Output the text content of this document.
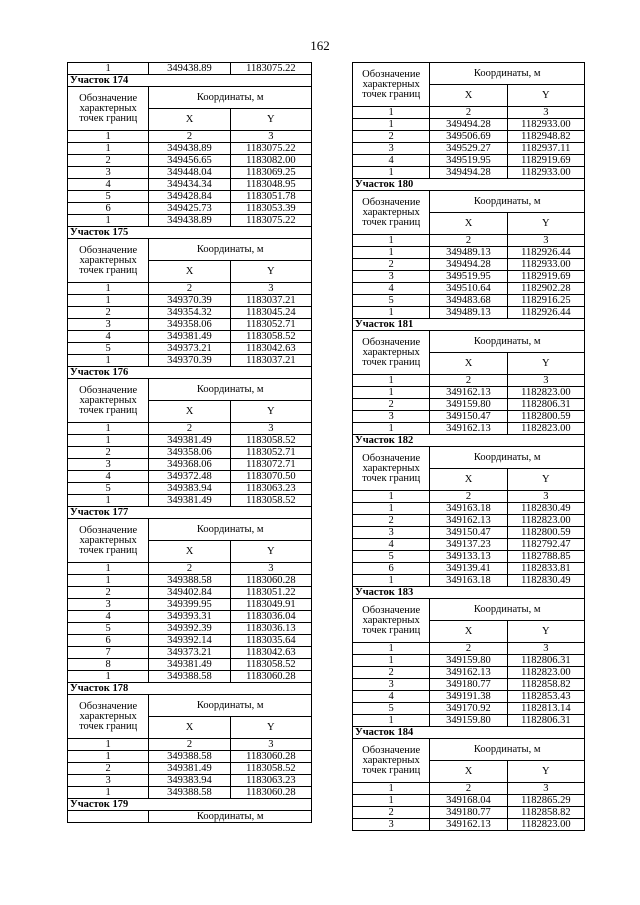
162
1	349438.89	1183075.22
Участок 174		
Обозначение характерных точек границ	Координаты, м	
	X	Y
1	2	3
1	349438.89	1183075.22
2	349456.65	1183082.00
3	349448.04	1183069.25
4	349434.34	1183048.95
5	349428.84	1183051.78
6	349425.73	1183053.39
1	349438.89	1183075.22
Участок 175		
Обозначение характерных точек границ	Координаты, м	
	X	Y
1	2	3
1	349370.39	1183037.21
2	349354.32	1183045.24
3	349358.06	1183052.71
4	349381.49	1183058.52
5	349373.21	1183042.63
1	349370.39	1183037.21
Участок 176		
Обозначение характерных точек границ	Координаты, м	
	X	Y
1	2	3
1	349381.49	1183058.52
2	349358.06	1183052.71
3	349368.06	1183072.71
4	349372.48	1183070.50
5	349383.94	1183063.23
1	349381.49	1183058.52
Участок 177		
Обозначение характерных точек границ	Координаты, м	
	X	Y
1	2	3
1	349388.58	1183060.28
2	349402.84	1183051.22
3	349399.95	1183049.91
4	349393.31	1183036.04
5	349392.39	1183036.13
6	349392.14	1183035.64
7	349373.21	1183042.63
8	349381.49	1183058.52
1	349388.58	1183060.28
Участок 178		
Обозначение характерных точек границ	Координаты, м	
	X	Y
1	2	3
1	349388.58	1183060.28
2	349381.49	1183058.52
3	349383.94	1183063.23
1	349388.58	1183060.28
Участок 179		
	Координаты, м	
Обозначение характерных точек границ	Координаты, м	
	X	Y
1	2	3
1	349494.28	1182933.00
2	349506.69	1182948.82
3	349529.27	1182937.11
4	349519.95	1182919.69
1	349494.28	1182933.00
Участок 180		
Обозначение характерных точек границ	Координаты, м	
	X	Y
1	2	3
1	349489.13	1182926.44
2	349494.28	1182933.00
3	349519.95	1182919.69
4	349510.64	1182902.28
5	349483.68	1182916.25
1	349489.13	1182926.44
Участок 181		
Обозначение характерных точек границ	Координаты, м	
	X	Y
1	2	3
1	349162.13	1182823.00
2	349159.80	1182806.31
3	349150.47	1182800.59
1	349162.13	1182823.00
Участок 182		
Обозначение характерных точек границ	Координаты, м	
	X	Y
1	2	3
1	349163.18	1182830.49
2	349162.13	1182823.00
3	349150.47	1182800.59
4	349137.23	1182792.47
5	349133.13	1182788.85
6	349139.41	1182833.81
1	349163.18	1182830.49
Участок 183		
Обозначение характерных точек границ	Координаты, м	
	X	Y
1	2	3
1	349159.80	1182806.31
2	349162.13	1182823.00
3	349180.77	1182858.82
4	349191.38	1182853.43
5	349170.92	1182813.14
1	349159.80	1182806.31
Участок 184		
Обозначение характерных точек границ	Координаты, м	
	X	Y
1	2	3
1	349168.04	1182865.29
2	349180.77	1182858.82
3	349162.13	1182823.00
